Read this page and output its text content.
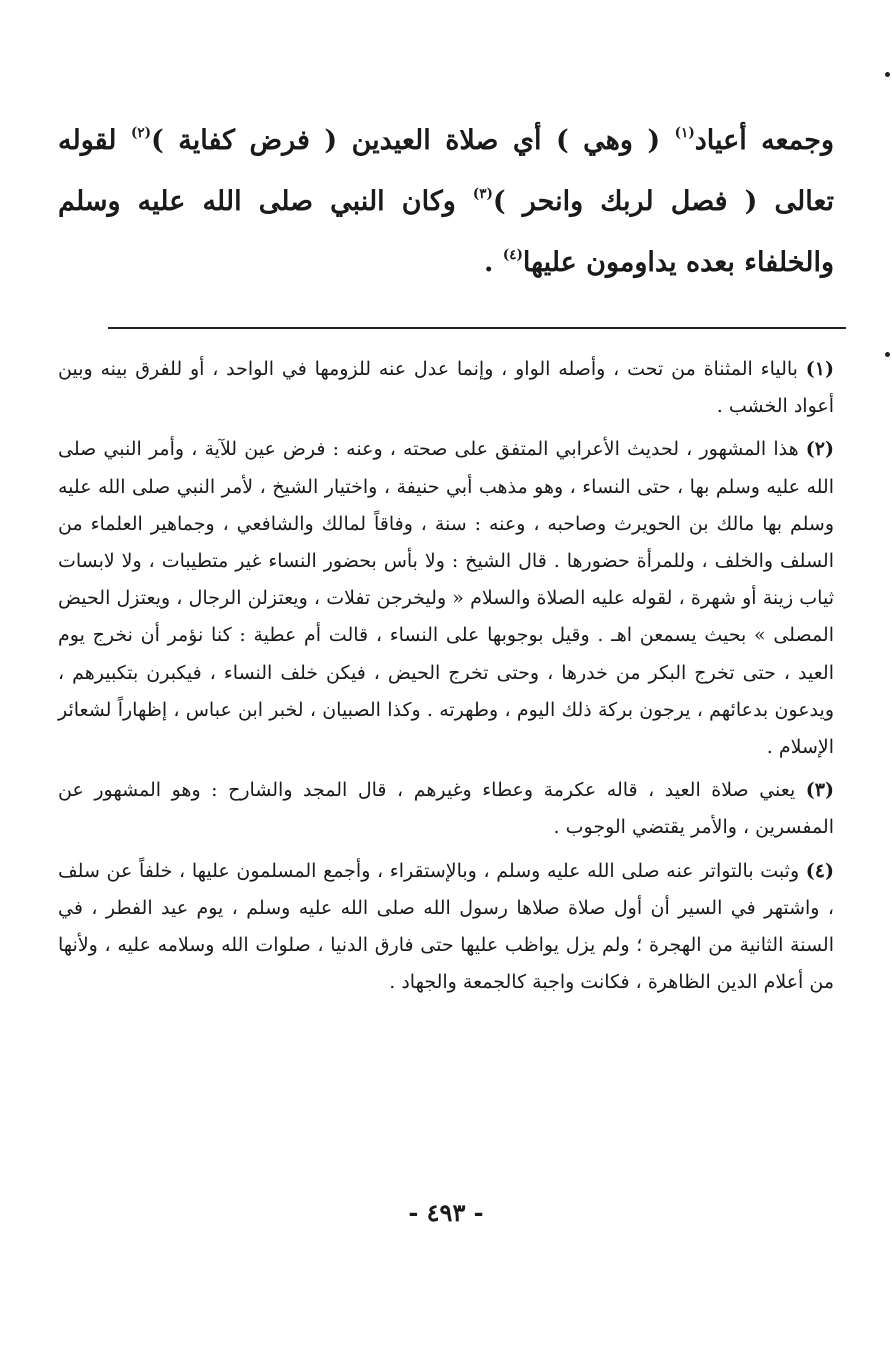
وجمعه أعياد$^{(١)}$ ( وهي ) أي صلاة العيدين ( فرض كفاية )$^{(٢)}$ لقوله تعالى ( فصل لربك وانحر )$^{(٣)}$ وكان النبي صلى الله عليه وسلم والخلفاء بعده يداومون عليها$^{(٤)}$ .

(١) بالياء المثناة من تحت ، وأصله الواو ، وإنما عدل عنه للزومها في الواحد ، أو للفرق بينه وبين أعواد الخشب .

(٢) هذا المشهور ، لحديث الأعرابي المتفق على صحته ، وعنه : فرض عين للآية ، وأمر النبي صلى الله عليه وسلم بها ، حتى النساء ، وهو مذهب أبي حنيفة ، واختيار الشيخ ، لأمر النبي صلى الله عليه وسلم بها مالك بن الحويرث وصاحبه ، وعنه : سنة ، وفاقاً لمالك والشافعي ، وجماهير العلماء من السلف والخلف ، وللمرأة حضورها . قال الشيخ : ولا بأس بحضور النساء غير متطيبات ، ولا لابسات ثياب زينة أو شهرة ، لقوله عليه الصلاة والسلام « وليخرجن تفلات ، ويعتزلن الرجال ، ويعتزل الحيض المصلى » بحيث يسمعن اهـ . وقيل بوجوبها على النساء ، قالت أم عطية : كنا نؤمر أن نخرج يوم العيد ، حتى تخرج البكر من خدرها ، وحتى تخرج الحيض ، فيكن خلف النساء ، فيكبرن بتكبيرهم ، ويدعون بدعائهم ، يرجون بركة ذلك اليوم ، وطهرته . وكذا الصبيان ، لخبر ابن عباس ، إظهاراً لشعائر الإسلام .

(٣) يعني صلاة العيد ، قاله عكرمة وعطاء وغيرهم ، قال المجد والشارح : وهو المشهور عن المفسرين ، والأمر يقتضي الوجوب .

(٤) وثبت بالتواتر عنه صلى الله عليه وسلم ، وبالإستقراء ، وأجمع المسلمون عليها ، خلفاً عن سلف ، واشتهر في السير أن أول صلاة صلاها رسول الله صلى الله عليه وسلم ، يوم عيد الفطر ، في السنة الثانية من الهجرة ؛ ولم يزل يواظب عليها حتى فارق الدنيا ، صلوات الله وسلامه عليه ، ولأنها من أعلام الدين الظاهرة ، فكانت واجبة كالجمعة والجهاد .

- ٤٩٣ -
